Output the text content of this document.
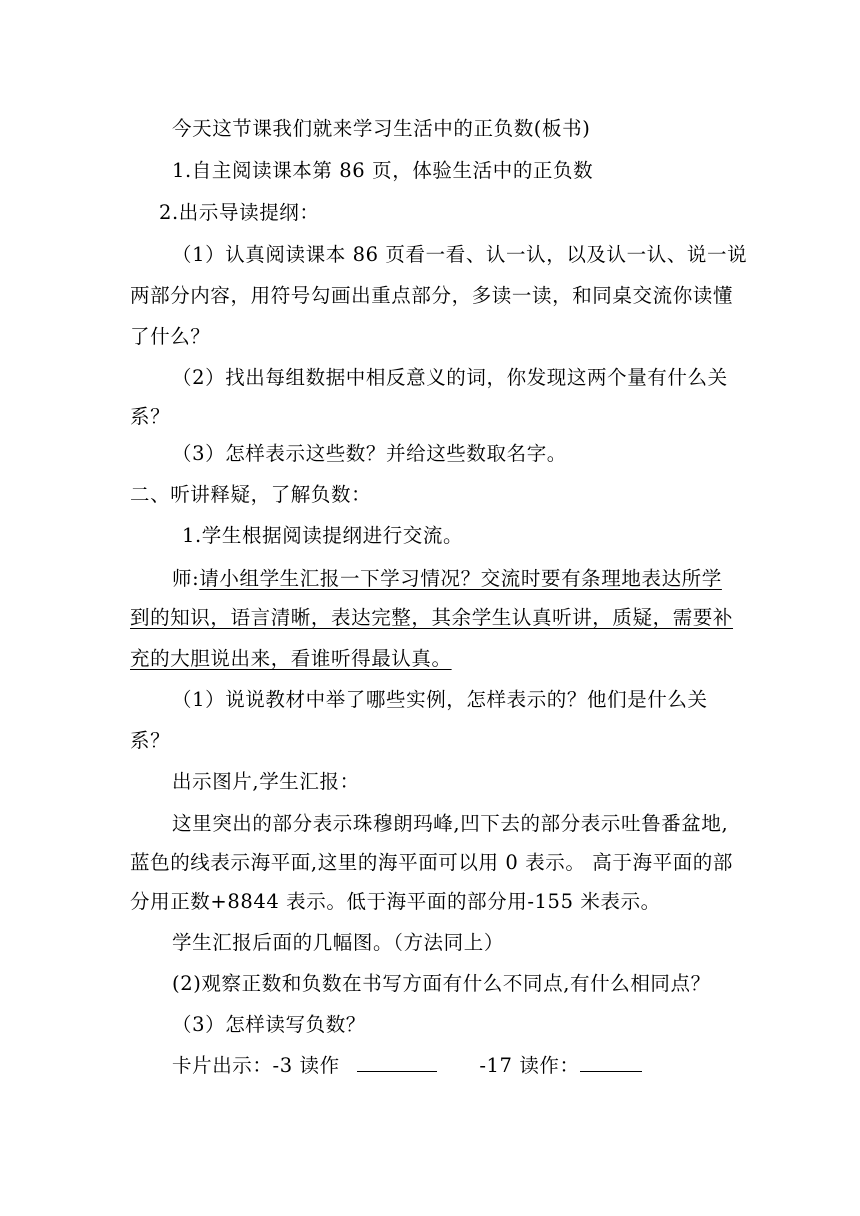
今天这节课我们就来学习生活中的正负数(板书)
1.自主阅读课本第 86 页，体验生活中的正负数
2.出示导读提纲：
（1）认真阅读课本 86 页看一看、认一认，以及认一认、说一说
两部分内容，用符号勾画出重点部分，多读一读，和同桌交流你读懂
了什么？
（2）找出每组数据中相反意义的词，你发现这两个量有什么关
系？
（3）怎样表示这些数？并给这些数取名字。
二、听讲释疑，了解负数：
1.学生根据阅读提纲进行交流。
师:请小组学生汇报一下学习情况？交流时要有条理地表达所学
到的知识，语言清晰，表达完整，其余学生认真听讲，质疑，需要补
充的大胆说出来，看谁听得最认真。
（1）说说教材中举了哪些实例，怎样表示的？他们是什么关
系？
出示图片,学生汇报：
这里突出的部分表示珠穆朗玛峰,凹下去的部分表示吐鲁番盆地,
蓝色的线表示海平面,这里的海平面可以用 0 表示。 高于海平面的部
分用正数+8844 表示。低于海平面的部分用-155 米表示。
学生汇报后面的几幅图。（方法同上）
(2)观察正数和负数在书写方面有什么不同点,有什么相同点？
（3）怎样读写负数？
卡片出示：-3 读作	-17 读作：
